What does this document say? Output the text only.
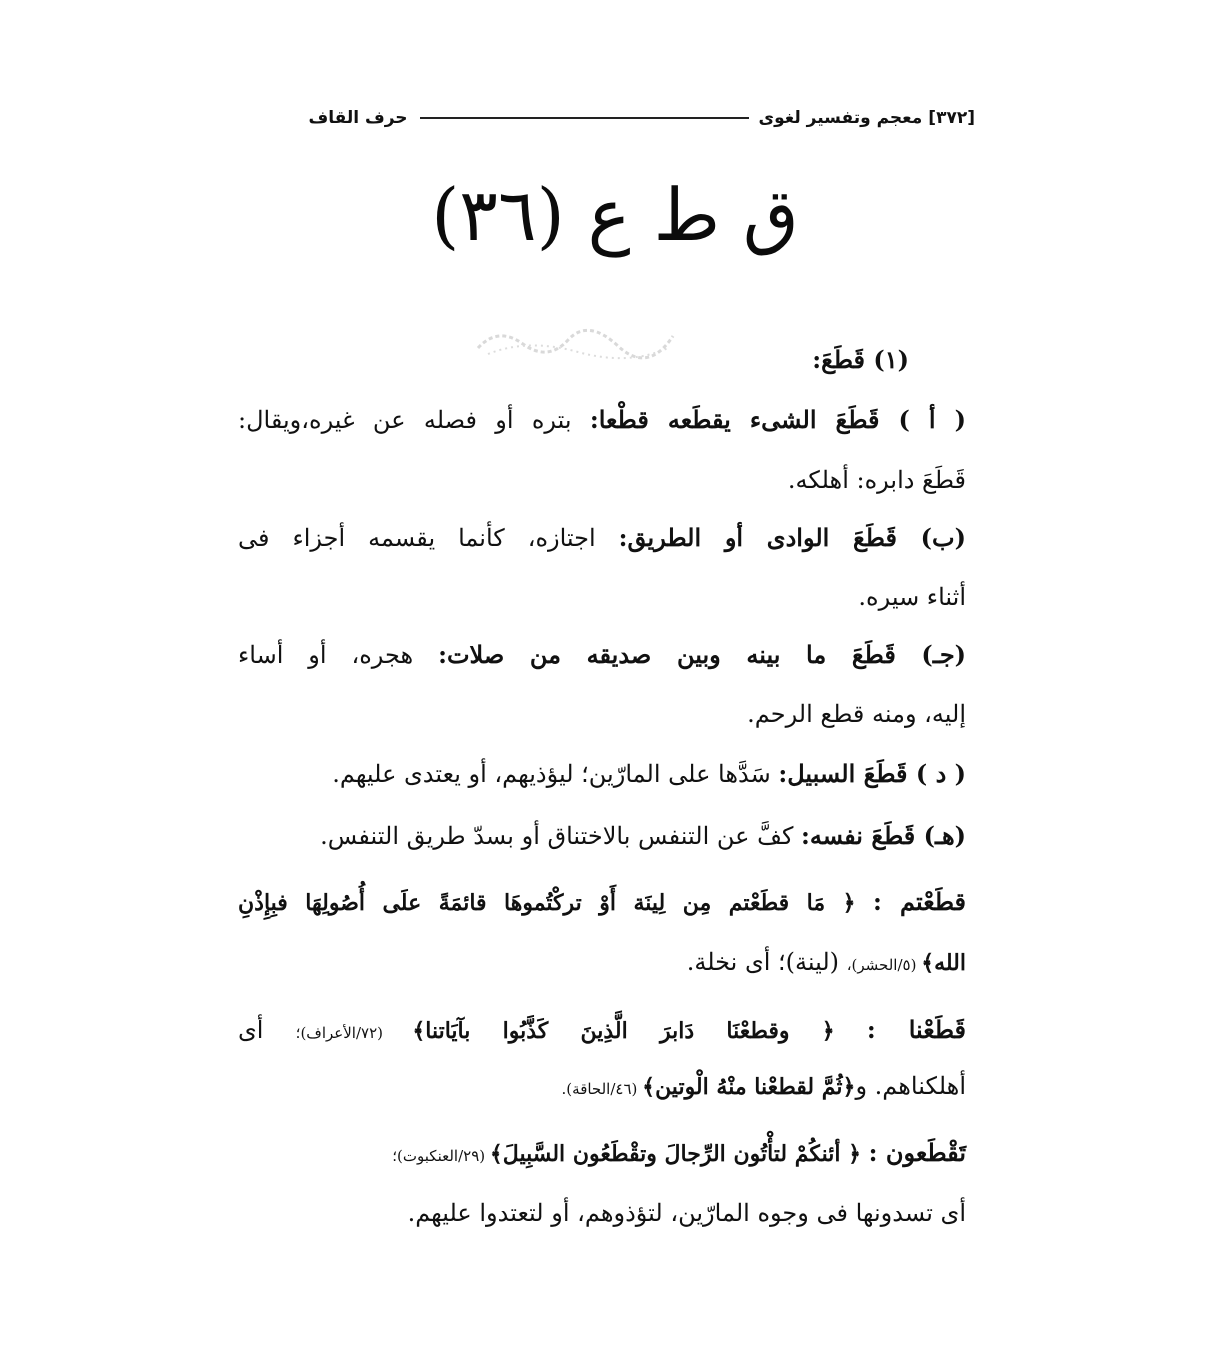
[٣٧٢]
معجم وتفسير لغوى
حرف القاف
ق ط ع (٣٦)
(١) قَطَعَ:
( أ ) قَطَعَ الشىء يقطَعه قطْعا: بتره أو فصله عن غيره،ويقال:
قَطَعَ دابره: أهلكه.
(ب) قَطَعَ الوادى أو الطريق: اجتازه، كأنما يقسمه أجزاء فى
أثناء سيره.
(جـ) قَطَعَ ما بينه وبين صديقه من صلات: هجره، أو أساء
إليه، ومنه قطع الرحم.
( د ) قَطَعَ السبيل: سَدَّها على المارّين؛ ليؤذيهم، أو يعتدى عليهم.
(هـ) قَطَعَ نفسه: كفَّ عن التنفس بالاختناق أو بسدّ طريق التنفس.
قطَعْتم : ﴿ مَا قطَعْتم مِن لِينَة أَوْ تركْتُموهَا قائمَةً علَى أُصُولِهَا فبِإِذْنِ
الله﴾ (٥/الحشر)، (لينة)؛ أى نخلة.
قَطَعْنا : ﴿ وقطعْنَا دَابرَ الَّذِينَ كَذَّبُوا بآيَاتنا﴾ (٧٢/الأعراف)؛ أى
أهلكناهم. و﴿ثُمَّ لقطعْنا منْهُ الْوتين﴾ (٤٦/الحاقة).
تَقْطَعون : ﴿ أئنكُمْ لتأْتُون الرِّجالَ وتقْطَعُون السَّبِيلَ﴾ (٢٩/العنكبوت)؛
أى تسدونها فى وجوه المارّين، لتؤذوهم، أو لتعتدوا عليهم.
